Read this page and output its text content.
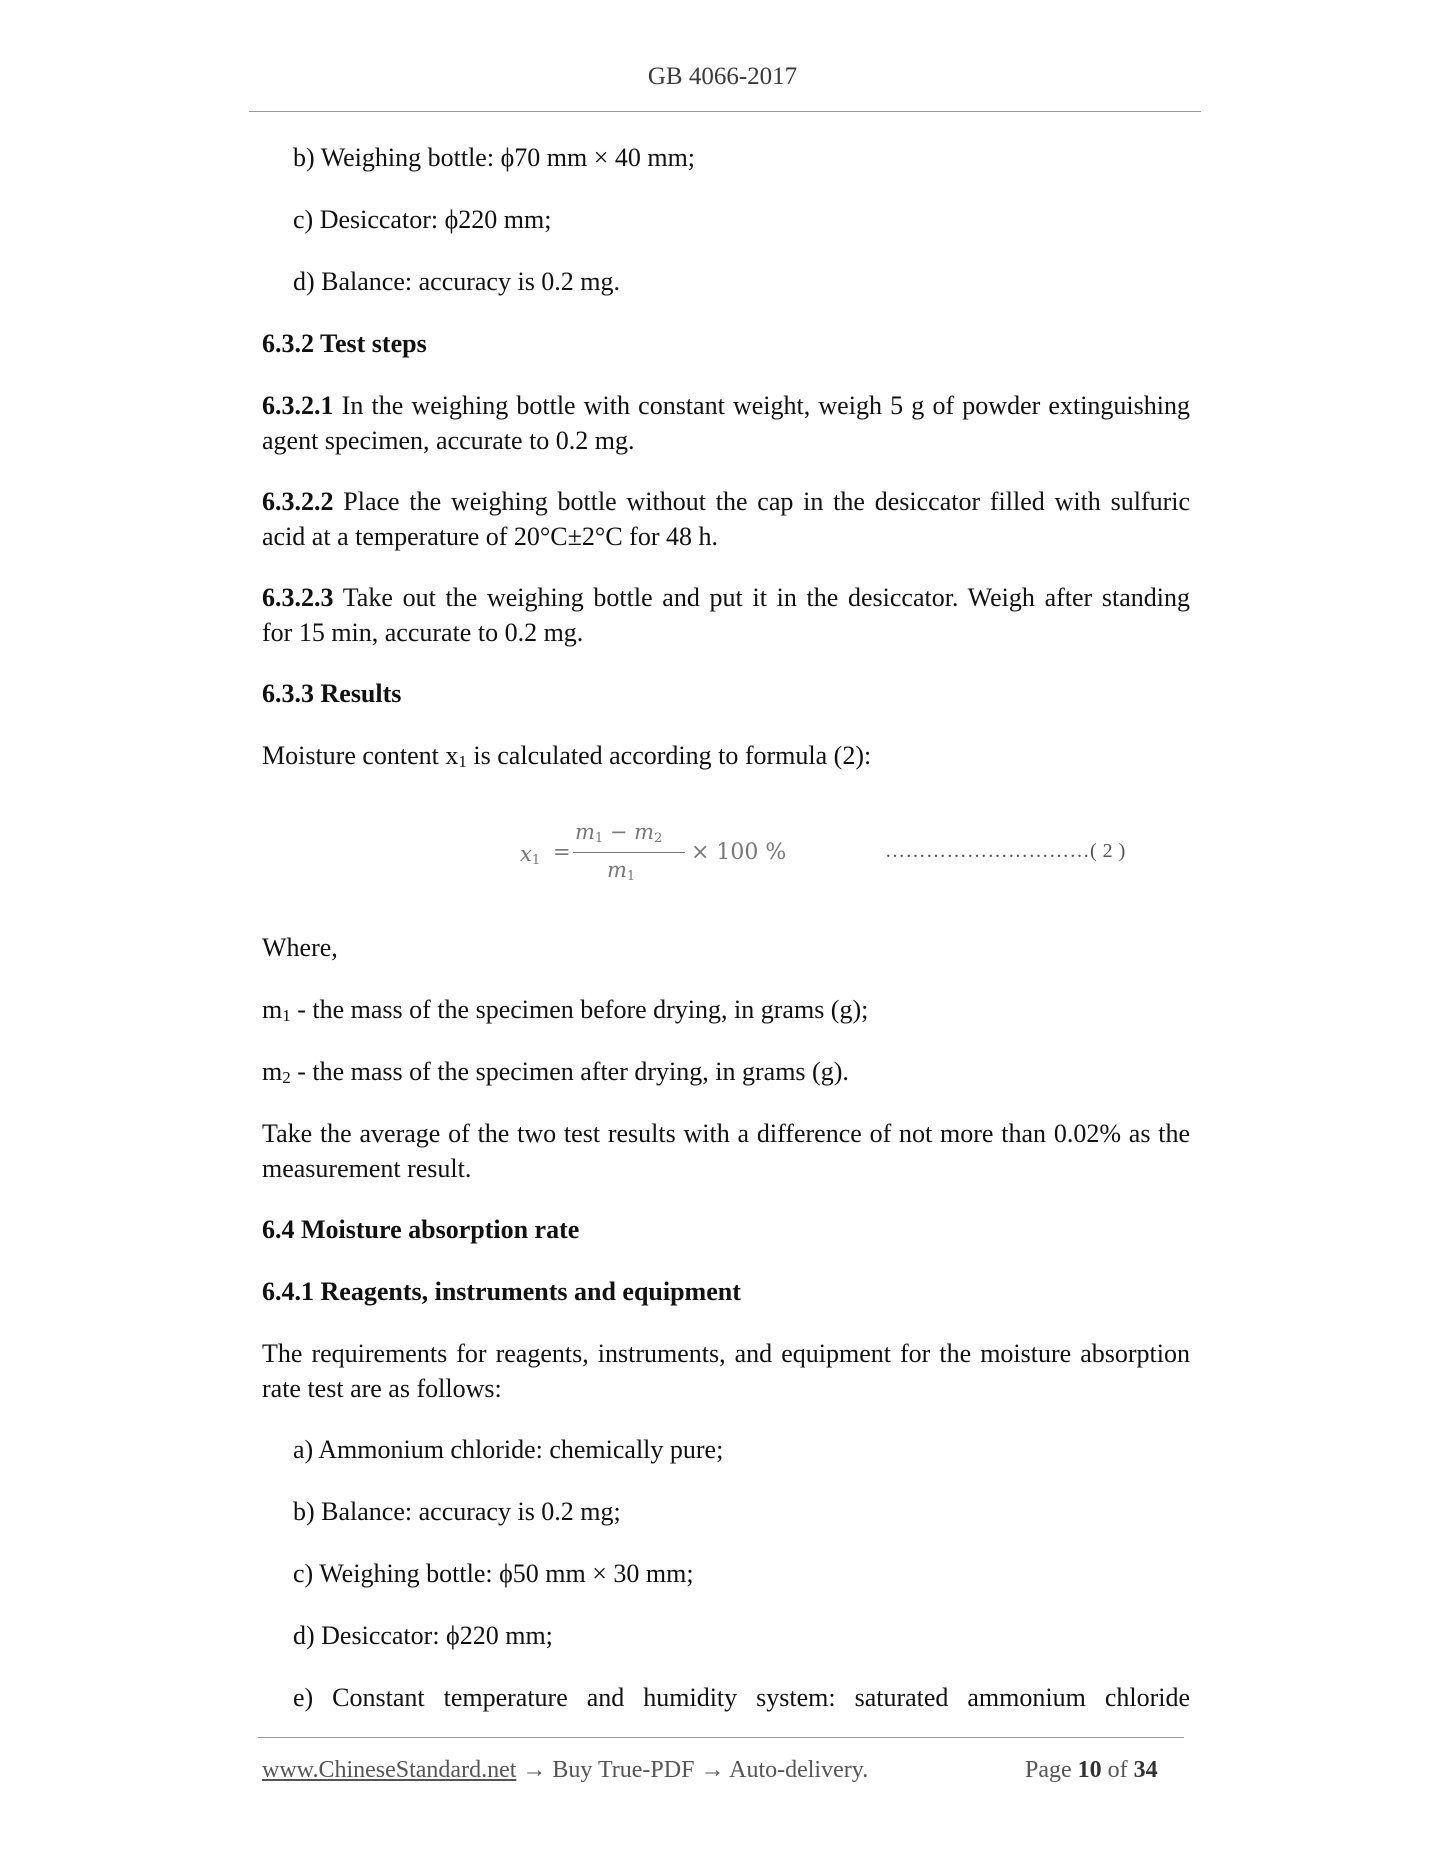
GB 4066-2017

b) Weighing bottle: ϕ70 mm × 40 mm;

c) Desiccator: ϕ220 mm;

d) Balance: accuracy is 0.2 mg.

6.3.2 Test steps

6.3.2.1 In the weighing bottle with constant weight, weigh 5 g of powder extinguishing

agent specimen, accurate to 0.2 mg.

6.3.2.2 Place the weighing bottle without the cap in the desiccator filled with sulfuric

acid at a temperature of 20°C±2°C for 48 h.

6.3.2.3 Take out the weighing bottle and put it in the desiccator. Weigh after standing

for 15 min, accurate to 0.2 mg.

6.3.3 Results

Moisture content $x_1$ is calculated according to formula (2):

$x_1$ =
$m_1 - m_2$
$m_1$
× 100 %	…………………………( 2 )

Where,

$m_1$ - the mass of the specimen before drying, in grams (g);

$m_2$ - the mass of the specimen after drying, in grams (g).

Take the average of the two test results with a difference of not more than 0.02% as the

measurement result.

6.4 Moisture absorption rate

6.4.1 Reagents, instruments and equipment

The requirements for reagents, instruments, and equipment for the moisture absorption

rate test are as follows:

a) Ammonium chloride: chemically pure;

b) Balance: accuracy is 0.2 mg;

c) Weighing bottle: ϕ50 mm × 30 mm;

d) Desiccator: ϕ220 mm;

e) Constant temperature and humidity system: saturated ammonium chloride

www.ChineseStandard.net → Buy True-PDF → Auto-delivery.	Page 10 of 34
